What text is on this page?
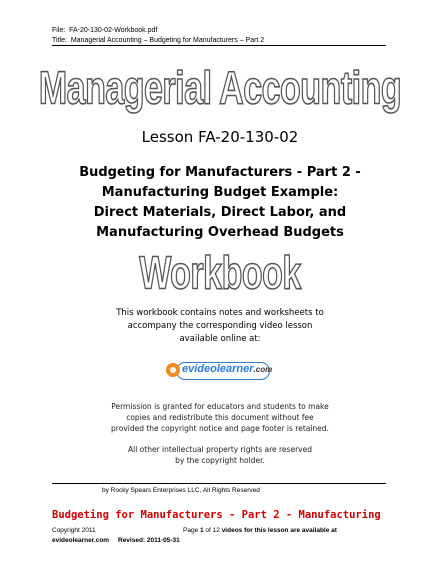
File: FA-20-130-02-Workbook.pdf
Title: Managerial Accounting – Budgeting for Manufacturers – Part 2
Managerial Accounting
Lesson FA-20-130-02
Budgeting for Manufacturers - Part 2 -
Manufacturing Budget Example:
Direct Materials, Direct Labor, and
Manufacturing Overhead Budgets
Workbook
This workbook contains notes and worksheets to
accompany the corresponding video lesson
available online at:
evideolearner.com
Permission is granted for educators and students to make
copies and redistribute this document without fee
provided the copyright notice and page footer is retained.
All other intellectual property rights are reserved
by the copyright holder.
by Rocky Spears Enterprises LLC, All Rights Reserved
Budgeting for Manufacturers - Part 2 - Manufacturing
Copyright 2011	Page 1 of 12 videos for this lesson are available at
evideolearner.com Revised: 2011-05-31
